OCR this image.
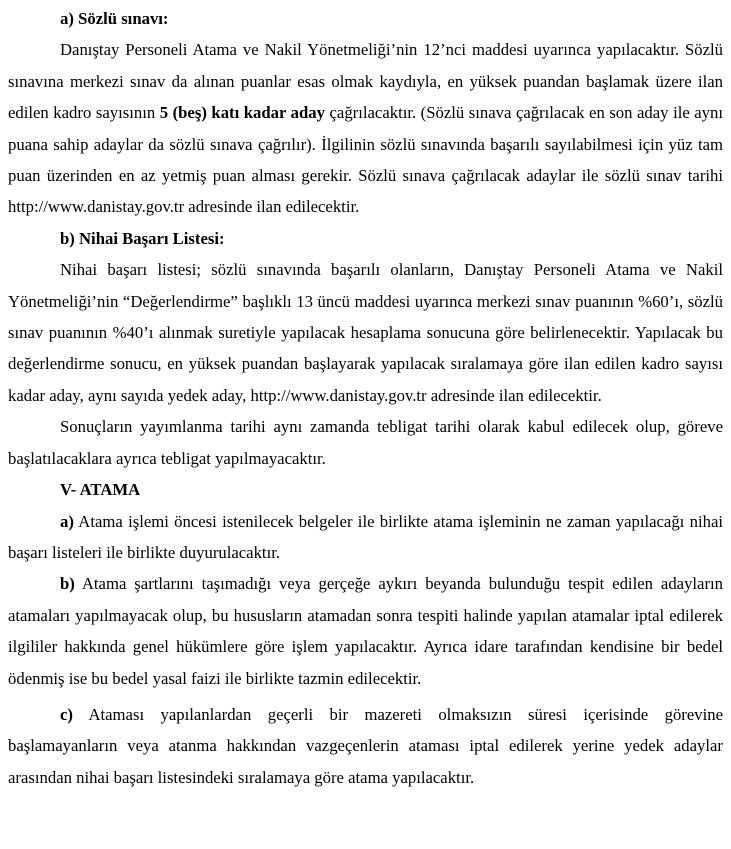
a) Sözlü sınavı:

Danıştay Personeli Atama ve Nakil Yönetmeliği’nin 12’nci maddesi uyarınca yapılacaktır. Sözlü sınavına merkezi sınav da alınan puanlar esas olmak kaydıyla, en yüksek puandan başlamak üzere ilan edilen kadro sayısının 5 (beş) katı kadar aday çağrılacaktır. (Sözlü sınava çağrılacak en son aday ile aynı puana sahip adaylar da sözlü sınava çağrılır). İlgilinin sözlü sınavında başarılı sayılabilmesi için yüz tam puan üzerinden en az yetmiş puan alması gerekir. Sözlü sınava çağrılacak adaylar ile sözlü sınav tarihi http://www.danistay.gov.tr adresinde ilan edilecektir.

b) Nihai Başarı Listesi:

Nihai başarı listesi; sözlü sınavında başarılı olanların, Danıştay Personeli Atama ve Nakil Yönetmeliği’nin “Değerlendirme” başlıklı 13 üncü maddesi uyarınca merkezi sınav puanının %60’ı, sözlü sınav puanının %40’ı alınmak suretiyle yapılacak hesaplama sonucuna göre belirlenecektir. Yapılacak bu değerlendirme sonucu, en yüksek puandan başlayarak yapılacak sıralamaya göre ilan edilen kadro sayısı kadar aday, aynı sayıda yedek aday, http://www.danistay.gov.tr adresinde ilan edilecektir.

Sonuçların yayımlanma tarihi aynı zamanda tebligat tarihi olarak kabul edilecek olup, göreve başlatılacaklara ayrıca tebligat yapılmayacaktır.

V- ATAMA

a) Atama işlemi öncesi istenilecek belgeler ile birlikte atama işleminin ne zaman yapılacağı nihai başarı listeleri ile birlikte duyurulacaktır.

b) Atama şartlarını taşımadığı veya gerçeğe aykırı beyanda bulunduğu tespit edilen adayların atamaları yapılmayacak olup, bu hususların atamadan sonra tespiti halinde yapılan atamalar iptal edilerek ilgililer hakkında genel hükümlere göre işlem yapılacaktır. Ayrıca idare tarafından kendisine bir bedel ödenmiş ise bu bedel yasal faizi ile birlikte tazmin edilecektir.

c) Ataması yapılanlardan geçerli bir mazereti olmaksızın süresi içerisinde görevine başlamayanların veya atanma hakkından vazgeçenlerin ataması iptal edilerek yerine yedek adaylar arasından nihai başarı listesindeki sıralamaya göre atama yapılacaktır.
